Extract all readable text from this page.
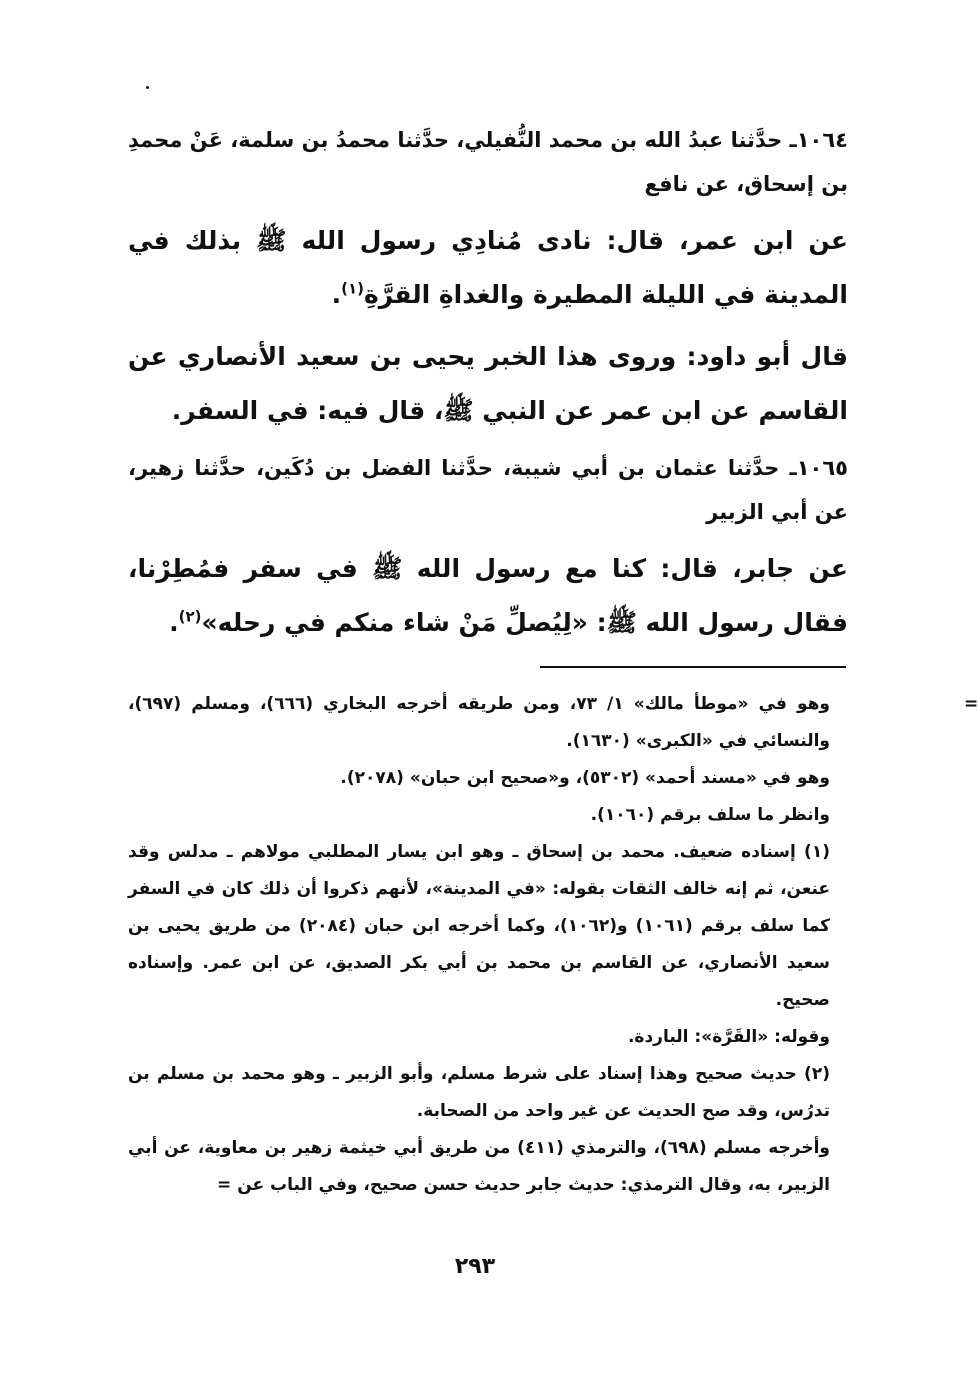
١٠٦٤ـ حدَّثنا عبدُ الله بن محمد النُّفيلي، حدَّثنا محمدُ بن سلمة، عَنْ محمدِ بن إسحاق، عن نافع

عن ابن عمر، قال: نادى مُنادِي رسول الله ﷺ بذلك في المدينة في الليلة المطيرة والغداةِ القرَّةِ$^{(١)}$.

قال أبو داود: وروى هذا الخبر يحيى بن سعيد الأنصاري عن القاسم عن ابن عمر عن النبي ﷺ، قال فيه: في السفر.

١٠٦٥ـ حدَّثنا عثمان بن أبي شيبة، حدَّثنا الفضل بن دُكَين، حدَّثنا زهير، عن أبي الزبير

عن جابر، قال: كنا مع رسول الله ﷺ في سفر فمُطِرْنا، فقال رسول الله ﷺ: «لِيُصلِّ مَنْ شاء منكم في رحله»$^{(٢)}$.

=

وهو في «موطأ مالك» ١/ ٧٣، ومن طريقه أخرجه البخاري (٦٦٦)، ومسلم (٦٩٧)، والنسائي في «الكبرى» (١٦٣٠).

وهو في «مسند أحمد» (٥٣٠٢)، و«صحيح ابن حبان» (٢٠٧٨).

وانظر ما سلف برقم (١٠٦٠).

(١) إسناده ضعيف. محمد بن إسحاق ـ وهو ابن يسار المطلبي مولاهم ـ مدلس وقد عنعن، ثم إنه خالف الثقات بقوله: «في المدينة»، لأنهم ذكروا أن ذلك كان في السفر كما سلف برقم (١٠٦١) و(١٠٦٢)، وكما أخرجه ابن حبان (٢٠٨٤) من طريق يحيى بن سعيد الأنصاري، عن القاسم بن محمد بن أبي بكر الصديق، عن ابن عمر. وإسناده صحيح.

وقوله: «القَرَّة»: الباردة.

(٢) حديث صحيح وهذا إسناد على شرط مسلم، وأبو الزبير ـ وهو محمد بن مسلم بن تدرُس، وقد صح الحديث عن غير واحد من الصحابة.

وأخرجه مسلم (٦٩٨)، والترمذي (٤١١) من طريق أبي خيثمة زهير بن معاوية، عن أبي الزبير، به، وقال الترمذي: حديث جابر حديث حسن صحيح، وفي الباب عن =

٢٩٣
